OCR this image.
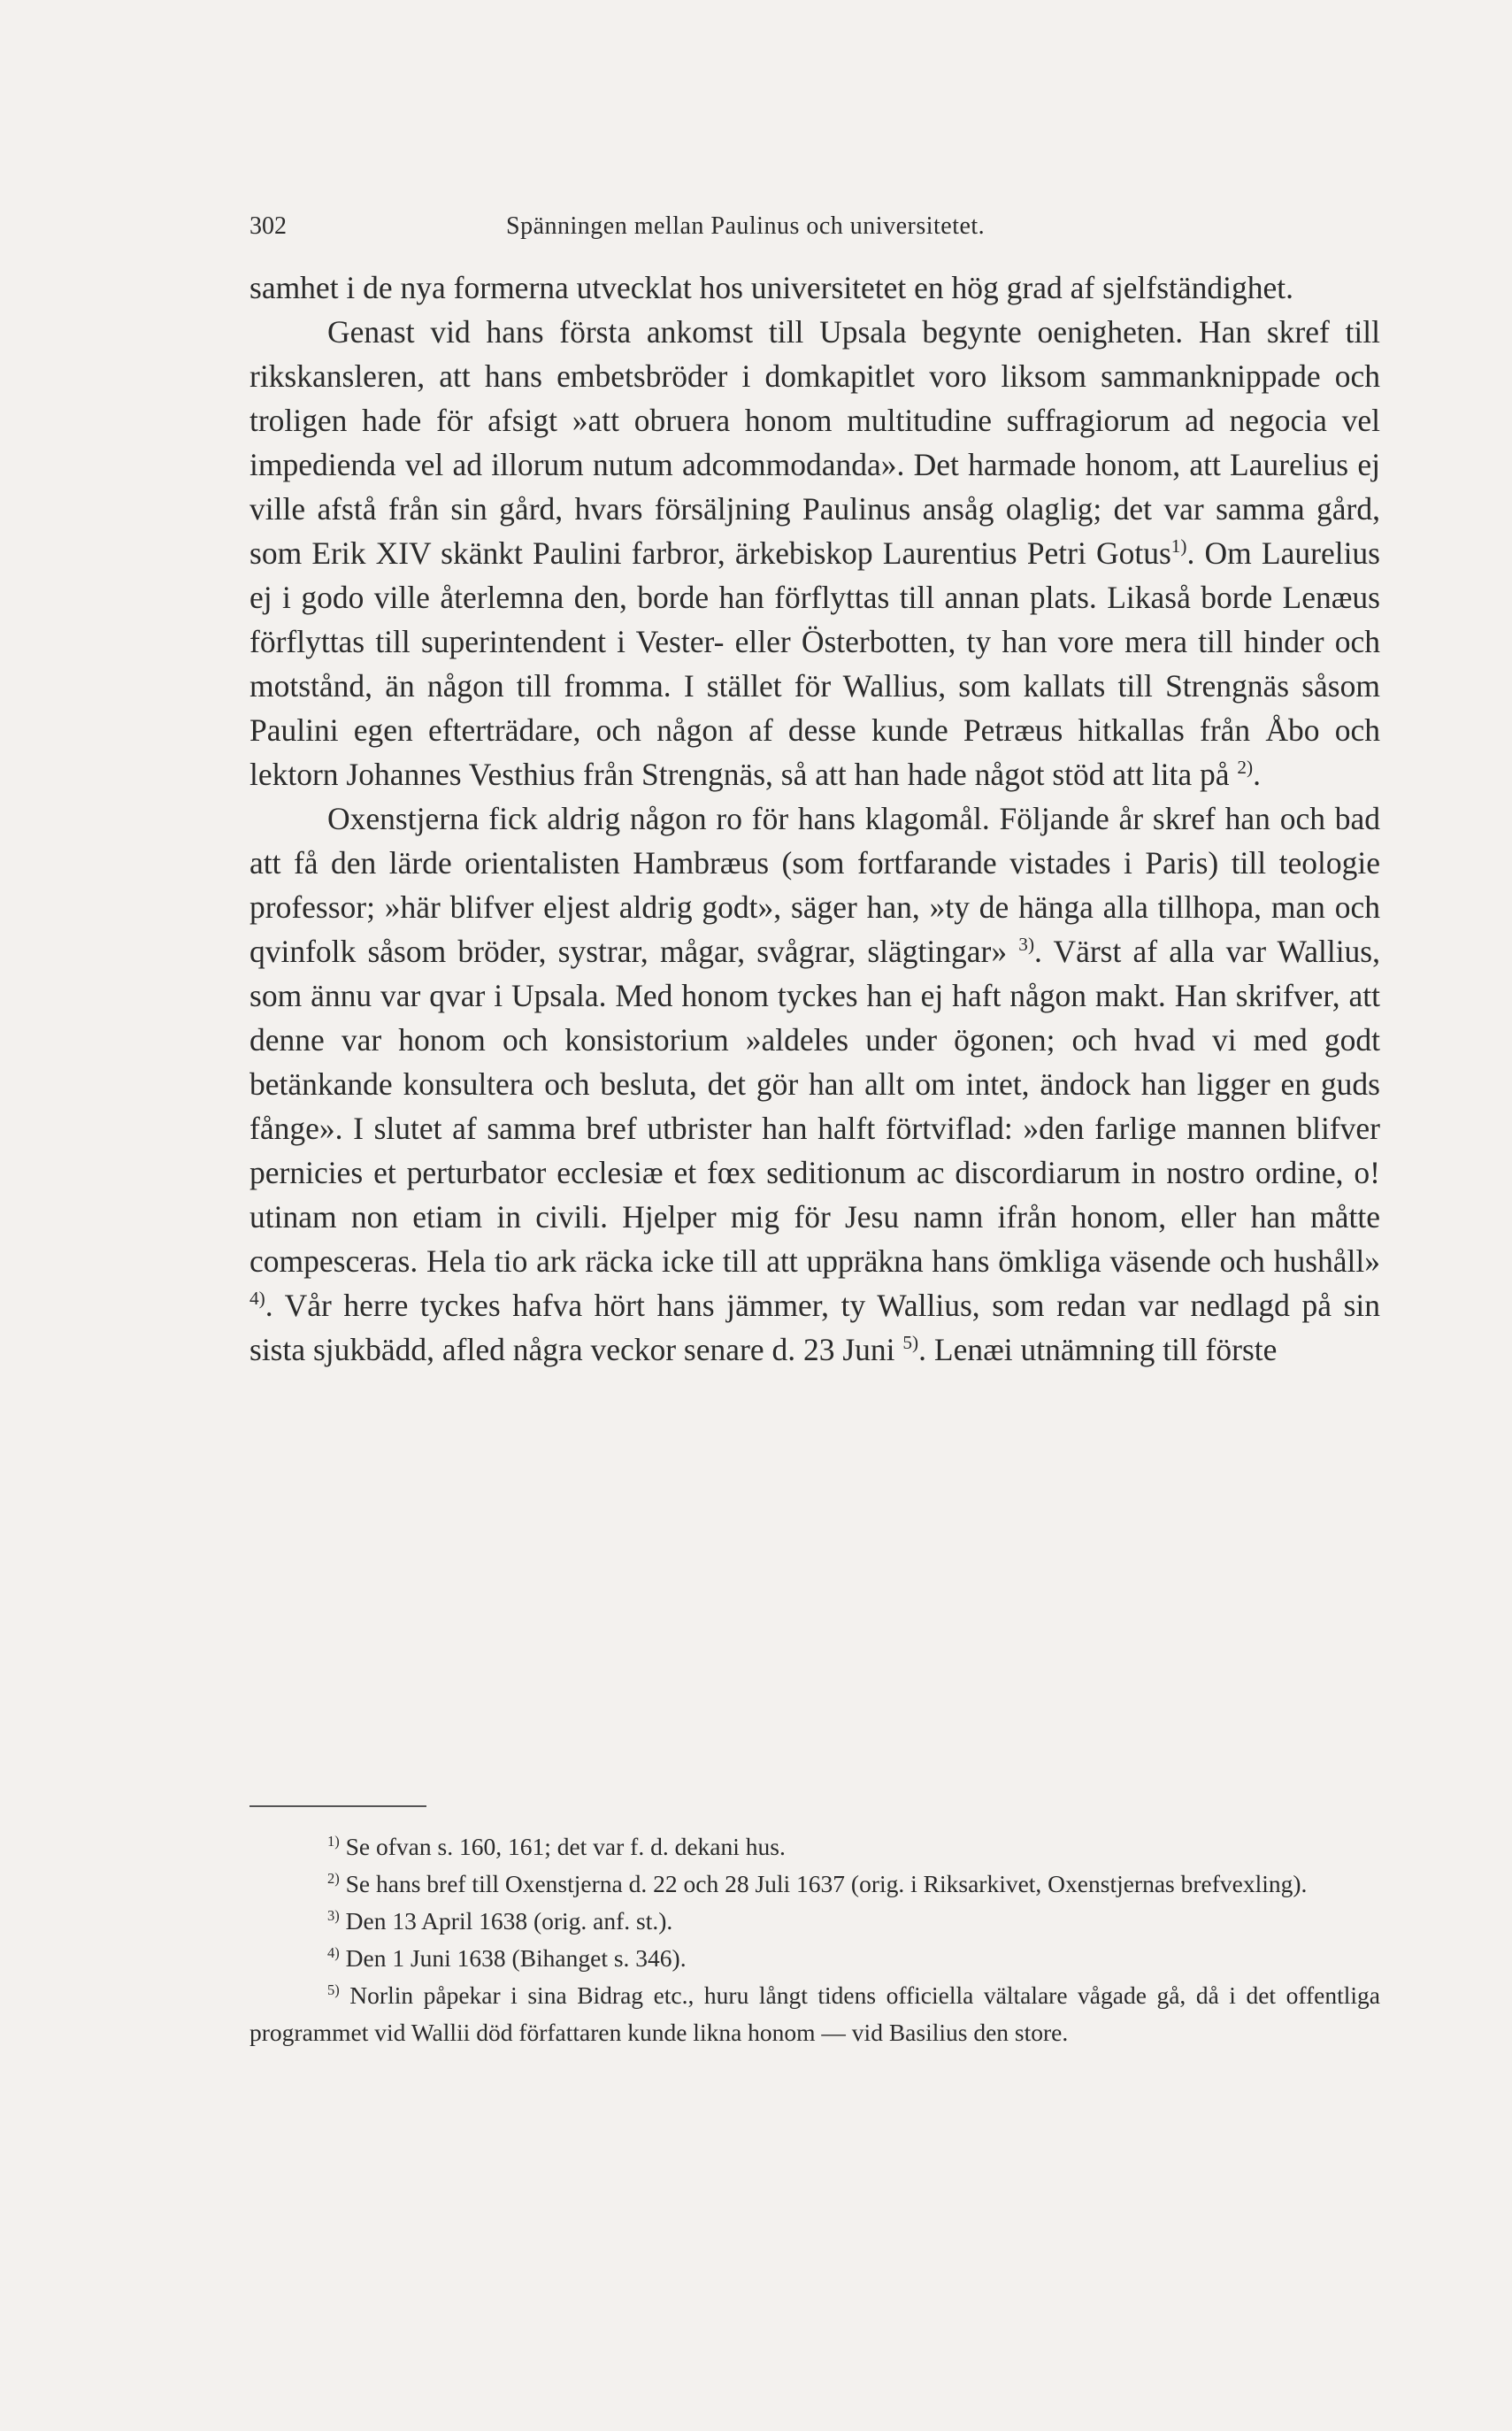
302	Spänningen mellan Paulinus och universitetet.

samhet i de nya formerna utvecklat hos universitetet en hög grad af sjelfständighet.

Genast vid hans första ankomst till Upsala begynte oenigheten. Han skref till rikskansleren, att hans embetsbröder i domkapitlet voro liksom sammanknippade och troligen hade för afsigt »att obruera honom multitudine suffragiorum ad negocia vel impedienda vel ad illorum nutum adcommodanda». Det harmade honom, att Laurelius ej ville afstå från sin gård, hvars försäljning Paulinus ansåg olaglig; det var samma gård, som Erik XIV skänkt Paulini farbror, ärkebiskop Laurentius Petri Gotus$^{1)}$. Om Laurelius ej i godo ville återlemna den, borde han förflyttas till annan plats. Likaså borde Lenæus förflyttas till superintendent i Vester- eller Österbotten, ty han vore mera till hinder och motstånd, än någon till fromma. I stället för Wallius, som kallats till Strengnäs såsom Paulini egen efterträdare, och någon af desse kunde Petræus hitkallas från Åbo och lektorn Johannes Vesthius från Strengnäs, så att han hade något stöd att lita på $^{2)}$.

Oxenstjerna fick aldrig någon ro för hans klagomål. Följande år skref han och bad att få den lärde orientalisten Hambræus (som fortfarande vistades i Paris) till teologie professor; »här blifver eljest aldrig godt», säger han, »ty de hänga alla tillhopa, man och qvinfolk såsom bröder, systrar, mågar, svågrar, slägtingar» $^{3)}$. Värst af alla var Wallius, som ännu var qvar i Upsala. Med honom tyckes han ej haft någon makt. Han skrifver, att denne var honom och konsistorium »aldeles under ögonen; och hvad vi med godt betänkande konsultera och besluta, det gör han allt om intet, ändock han ligger en guds fånge». I slutet af samma bref utbrister han halft förtviflad: »den farlige mannen blifver pernicies et perturbator ecclesiæ et fœx seditionum ac discordiarum in nostro ordine, o! utinam non etiam in civili. Hjelper mig för Jesu namn ifrån honom, eller han måtte compesceras. Hela tio ark räcka icke till att uppräkna hans ömkliga väsende och hushåll» $^{4)}$. Vår herre tyckes hafva hört hans jämmer, ty Wallius, som redan var nedlagd på sin sista sjukbädd, afled några veckor senare d. 23 Juni $^{5)}$. Lenæi utnämning till förste

$^{1)}$ Se ofvan s. 160, 161; det var f. d. dekani hus.

$^{2)}$ Se hans bref till Oxenstjerna d. 22 och 28 Juli 1637 (orig. i Riksarkivet, Oxenstjernas brefvexling).

$^{3)}$ Den 13 April 1638 (orig. anf. st.).

$^{4)}$ Den 1 Juni 1638 (Bihanget s. 346).

$^{5)}$ Norlin påpekar i sina Bidrag etc., huru långt tidens officiella vältalare vågade gå, då i det offentliga programmet vid Wallii död författaren kunde likna honom — vid Basilius den store.
